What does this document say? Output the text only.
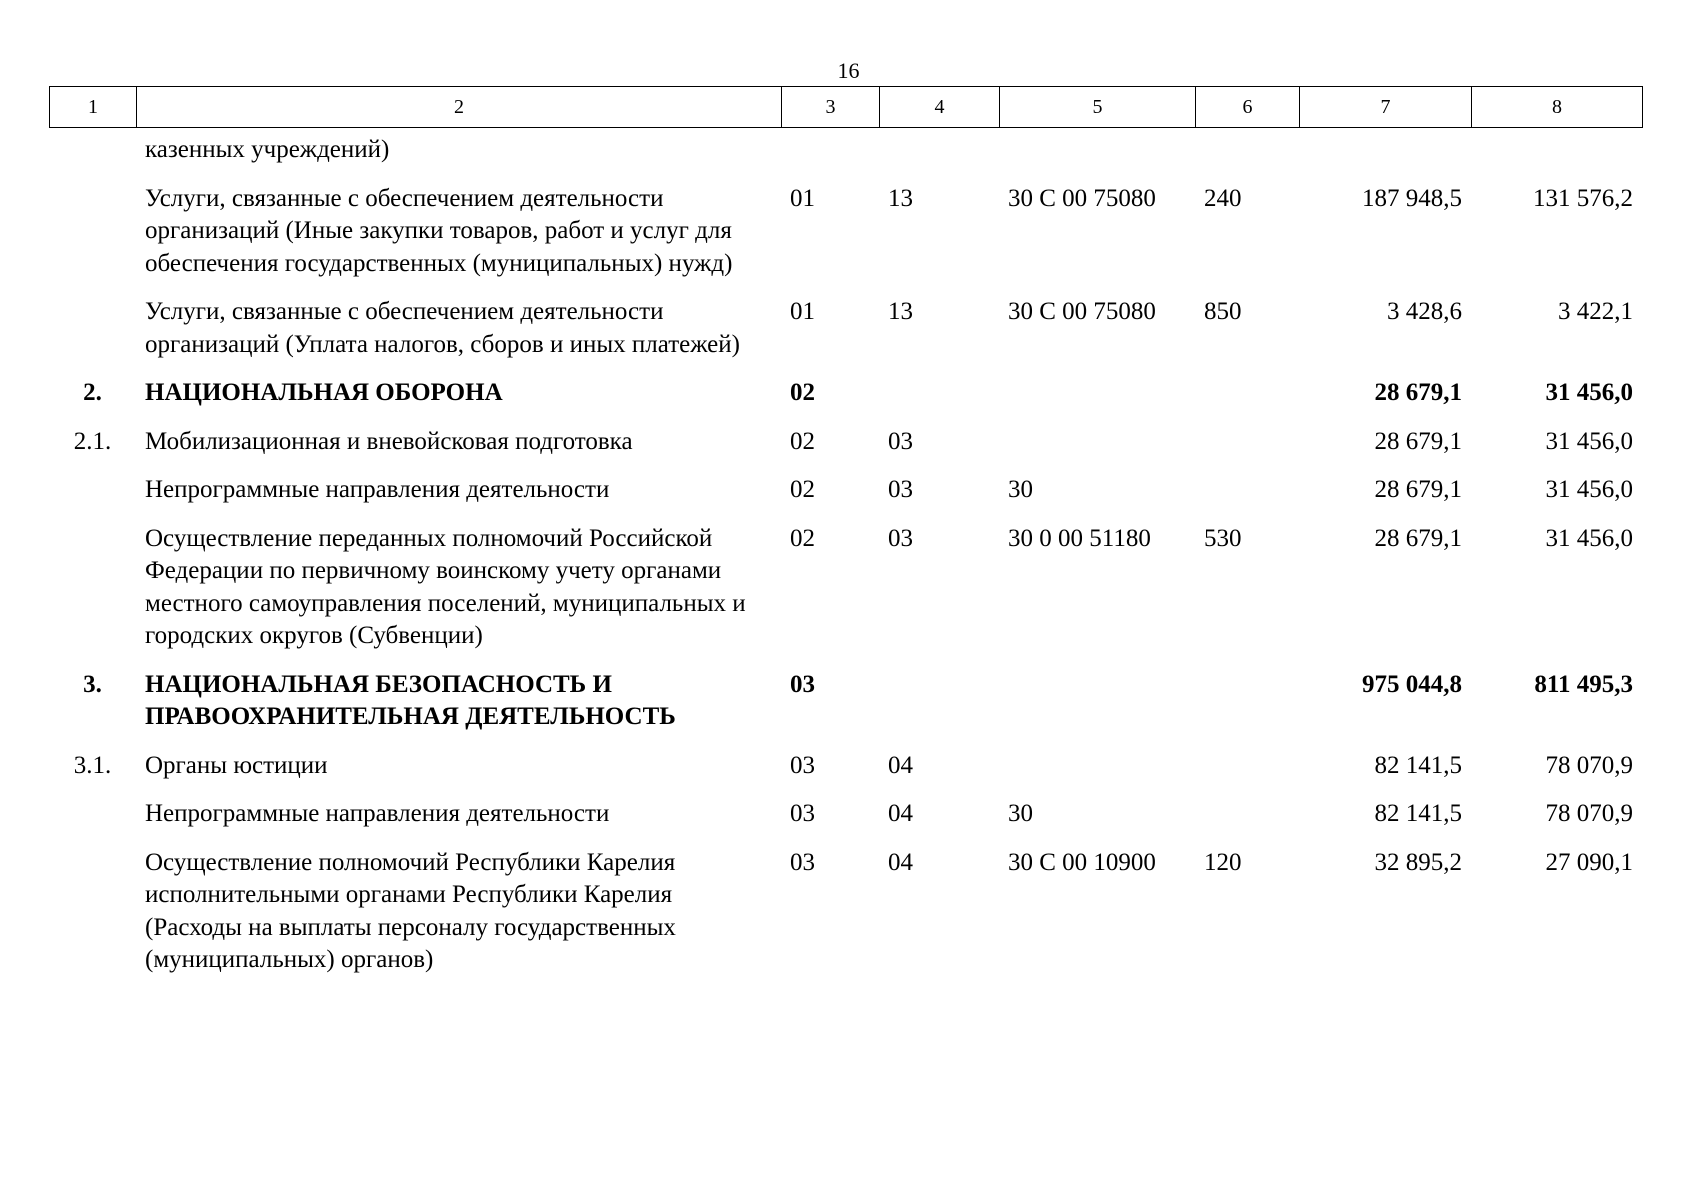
16
1	2	3	4	5	6	7	8
	казенных учреждений)						
	Услуги, связанные с обеспечением деятельности организаций (Иные закупки товаров, работ и услуг для обеспечения государственных (муниципальных) нужд)	01	13	30 С 00 75080	240	187 948,5	131 576,2
	Услуги, связанные с обеспечением деятельности организаций (Уплата налогов, сборов и иных платежей)	01	13	30 С 00 75080	850	3 428,6	3 422,1
2.	НАЦИОНАЛЬНАЯ ОБОРОНА	02				28 679,1	31 456,0
2.1.	Мобилизационная и вневойсковая подготовка	02	03			28 679,1	31 456,0
	Непрограммные направления деятельности	02	03	30		28 679,1	31 456,0
	Осуществление переданных полномочий Российской Федерации по первичному воинскому учету органами местного самоуправления поселений, муниципальных и городских округов (Субвенции)	02	03	30 0 00 51180	530	28 679,1	31 456,0
3.	НАЦИОНАЛЬНАЯ БЕЗОПАСНОСТЬ И ПРАВООХРАНИТЕЛЬНАЯ ДЕЯТЕЛЬНОСТЬ	03				975 044,8	811 495,3
3.1.	Органы юстиции	03	04			82 141,5	78 070,9
	Непрограммные направления деятельности	03	04	30		82 141,5	78 070,9
	Осуществление полномочий Республики Карелия исполнительными органами Республики Карелия (Расходы на выплаты персоналу государственных (муниципальных) органов)	03	04	30 С 00 10900	120	32 895,2	27 090,1
